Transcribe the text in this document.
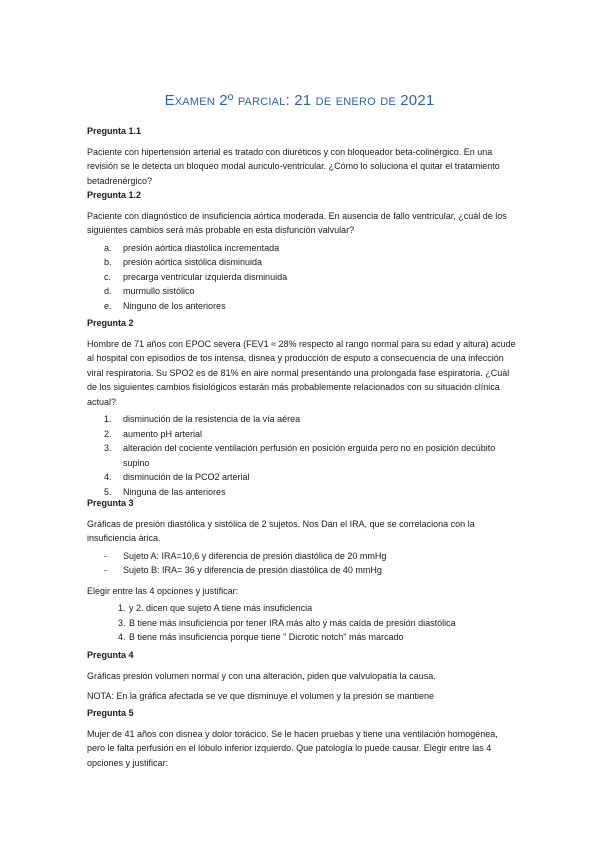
Examen 2º parcial: 21 de enero de 2021

Pregunta 1.1

Paciente con hipertensión arterial es tratado con diuréticos y con bloqueador beta-colinérgico. En una revisión se le detecta un bloqueo modal auriculo-ventricular. ¿Cómo lo soluciona el quitar el tratamiento betadrenérgico?

Pregunta 1.2

Paciente con diagnóstico de insuficiencia aórtica moderada. En ausencia de fallo ventricular, ¿cuál de los siguientes cambios será más probable en esta disfunción valvular?

a. presión aórtica diastólica incrementada
b. presión aórtica sistólica disminuida
c. precarga ventricular izquierda disminuida
d. murmullo sistólico
e. Ninguno de los anteriores

Pregunta 2

Hombre de 71 años con EPOC severa (FEV1 ≈ 28% respecto al rango normal para su edad y altura) acude al hospital con episodios de tos intensa, disnea y producción de esputo a consecuencia de una infección viral respiratoria. Su SPO2 es de 81% en aire normal presentando una prolongada fase espiratoria. ¿Cuál de los siguientes cambios fisiológicos estarán más probablemente relacionados con su situación clínica actual?

1. disminución de la resistencia de la vía aérea
2. aumento pH arterial
3. alteración del cociente ventilación perfusión en posición erguida pero no en posición decúbito supino
4. disminución de la PCO2 arterial
5. Ninguna de las anteriores

Pregunta 3

Gráficas de presión diastólica y sistólica de 2 sujetos. Nos Dan el IRA, que se correlaciona con la insuficiencia árica.

- Sujeto A: IRA=10,6 y diferencia de presión diastólica de 20 mmHg
- Sujeto B: IRA= 36 y diferencia de presión diastólica de 40 mmHg

Elegir entre las 4 opciones y justificar:

1. y 2. dicen que sujeto A tiene más insuficiencia
3. B tiene más insuficiencia por tener IRA más alto y más caída de presión diastólica
4. B tiene más insuficiencia porque tiene " Dicrotic notch" más marcado

Pregunta 4

Gráficas presión volumen normal y con una alteración, piden que valvulopatía la causa.

NOTA: En la gráfica afectada se ve que disminuye el volumen y la presión se mantiene

Pregunta 5

Mujer de 41 años con disnea y dolor torácico. Se le hacen pruebas y tiene una ventilación homogénea, pero le falta perfusión en el lóbulo inferior izquierdo. Que patología lo puede causar. Elegir entre las 4 opciones y justificar:
